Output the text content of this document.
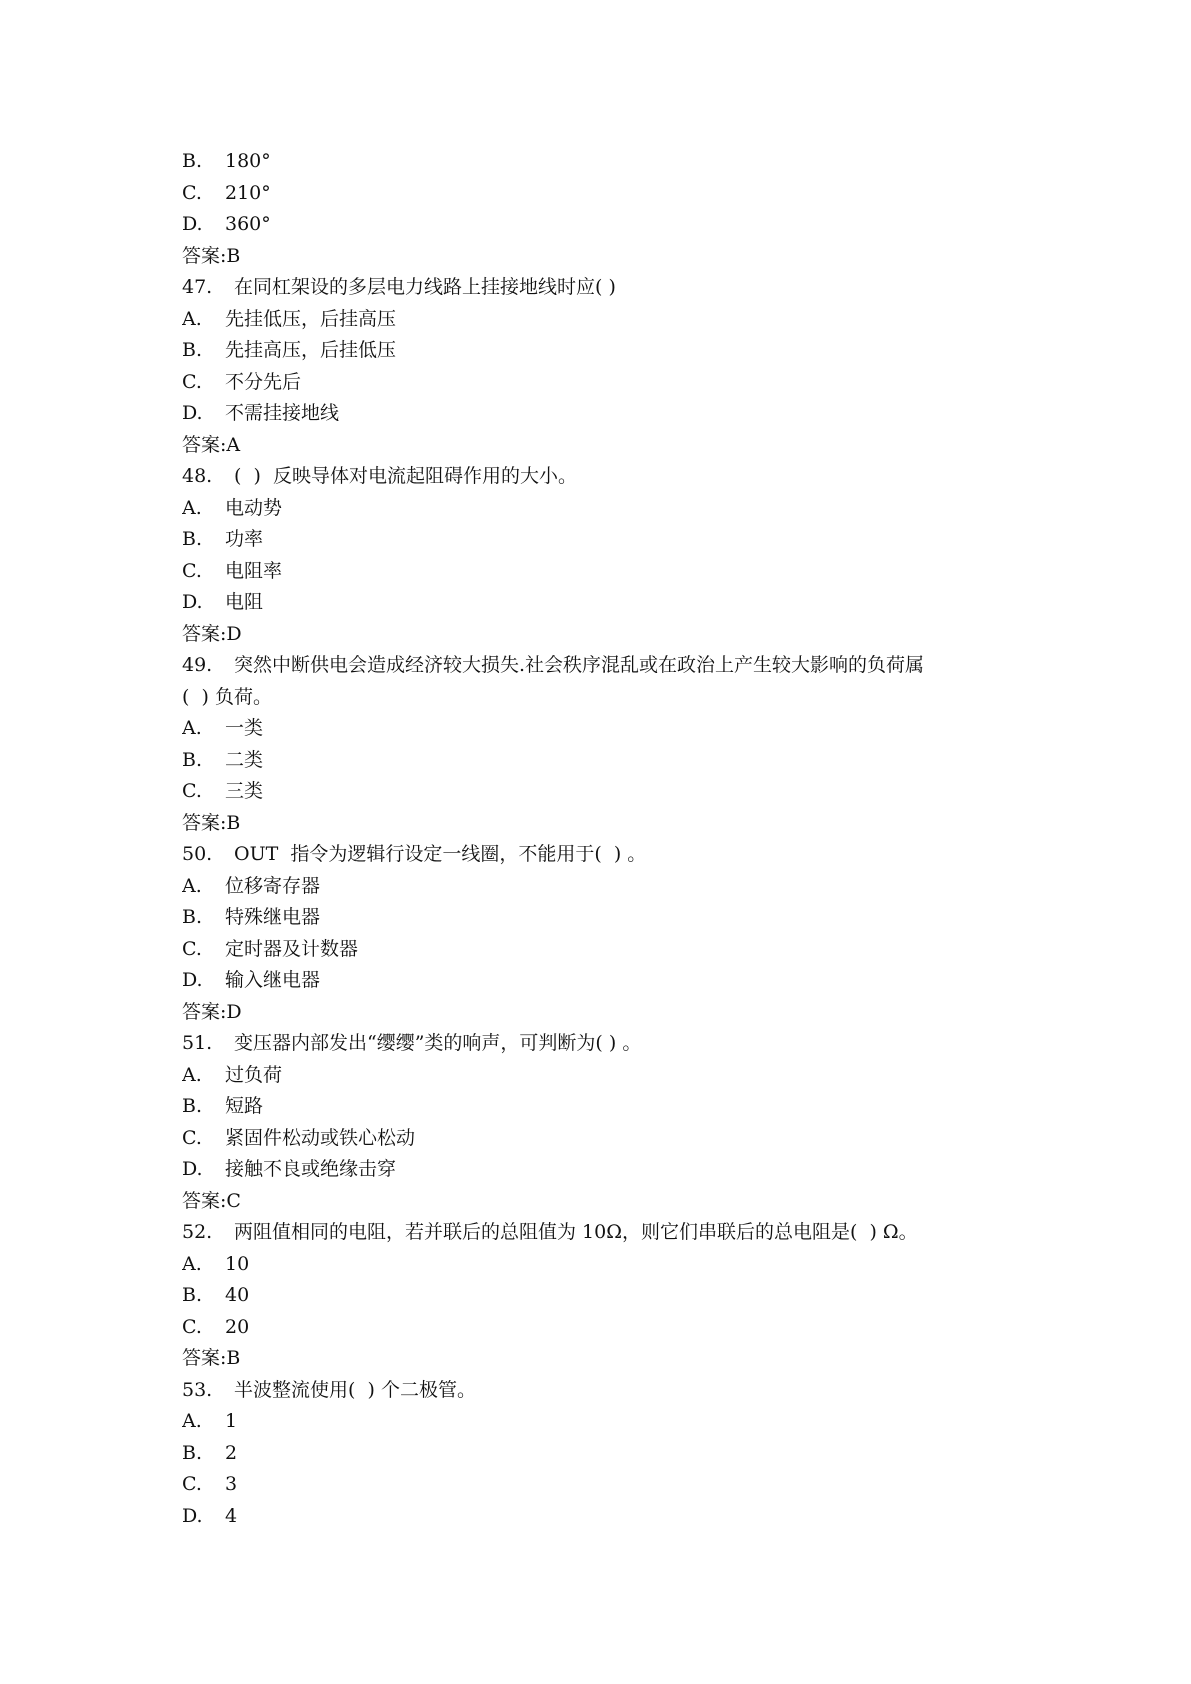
B. 180°
C. 210°
D. 360°
答案:B
47. 在同杠架设的多层电力线路上挂接地线时应( )
A. 先挂低压，后挂高压
B. 先挂高压，后挂低压
C. 不分先后
D. 不需挂接地线
答案:A
48. (  )  反映导体对电流起阻碍作用的大小。
A. 电动势
B. 功率
C. 电阻率
D. 电阻
答案:D
49. 突然中断供电会造成经济较大损失.社会秩序混乱或在政治上产生较大影响的负荷属
(  ) 负荷。
A. 一类
B. 二类
C. 三类
答案:B
50. OUT  指令为逻辑行设定一线圈，不能用于(  ) 。
A. 位移寄存器
B. 特殊继电器
C. 定时器及计数器
D. 输入继电器
答案:D
51. 变压器内部发出“缨缨”类的响声，可判断为( ) 。
A. 过负荷
B. 短路
C. 紧固件松动或铁心松动
D. 接触不良或绝缘击穿
答案:C
52. 两阻值相同的电阻，若并联后的总阻值为 10Ω，则它们串联后的总电阻是(  ) Ω。
A. 10
B. 40
C. 20
答案:B
53. 半波整流使用(  ) 个二极管。
A. 1
B. 2
C. 3
D. 4
